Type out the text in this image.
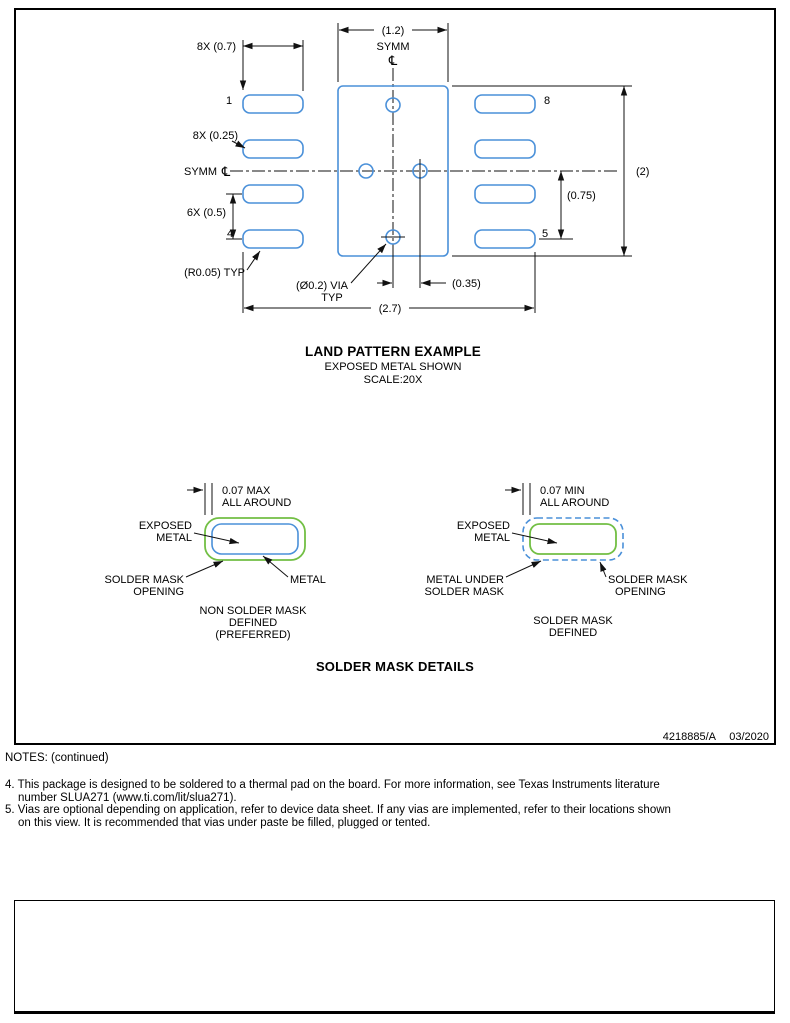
(1.2)
SYMM
℄
8X (0.7)
1	8
4	5
8X (0.25)
SYMM ℄
6X (0.5)
(R0.05) TYP
(Ø0.2) VIA
TYP
(0.35)
(2.7)
(2)
(0.75)
LAND PATTERN EXAMPLE
EXPOSED METAL SHOWN
SCALE:20X
0.07 MAX
ALL AROUND
EXPOSED
METAL
SOLDER MASK
OPENING
METAL
NON SOLDER MASK
DEFINED
(PREFERRED)
0.07 MIN
ALL AROUND
EXPOSED
METAL
METAL UNDER
SOLDER MASK
SOLDER MASK
OPENING
SOLDER MASK
DEFINED
SOLDER MASK DETAILS
4218885/A 03/2020
NOTES: (continued)
4. This package is designed to be soldered to a thermal pad on the board. For more information, see Texas Instruments literature
number SLUA271 (www.ti.com/lit/slua271).
5. Vias are optional depending on application, refer to device data sheet. If any vias are implemented, refer to their locations shown
on this view. It is recommended that vias under paste be filled, plugged or tented.
